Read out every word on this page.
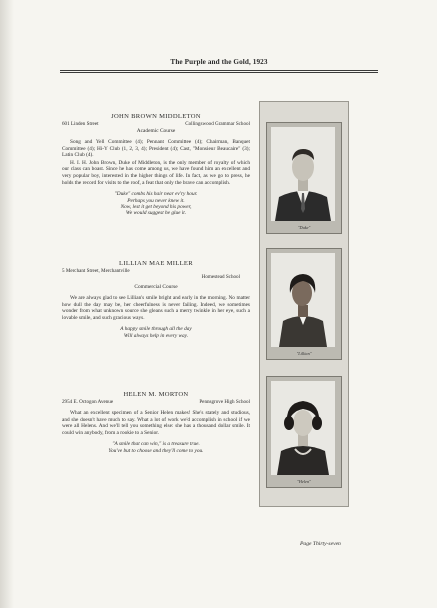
The Purple and the Gold, 1923
JOHN BROWN MIDDLETON
601 Linden Street	Collingswood Grammar School
Academic Course
Song and Yell Committee (4); Pennant Committee (4); Chairman, Banquet Committee (4); Hi-Y Club (1, 2, 3, 4); President (4); Cast, "Monsieur Beaucaire" (3); Latin Club (4).
H. I. H. John Brown, Duke of Middleton, is the only member of royalty of which our class can boast. Since he has come among us, we have found him an excellent and very popular boy, interested in the higher things of life. In fact, as we go to press, he holds the record for visits to the roof, a feat that only the brave can accomplish.
"Duke" combs his hair near ev'ry hour.
Perhaps you never knew it.
Now, lest it get beyond his power,
We would suggest he glue it.
LILLIAN MAE MILLER
5 Merchant Street, Merchantville
Homestead School
Commercial Course
We are always glad to see Lillian's smile bright and early in the morning. No matter how dull the day may be, her cheerfulness is never failing. Indeed, we sometimes wonder from what unknown source she gleans such a merry twinkle in her eye, such a lovable smile, and such gracious ways.
A happy smile through all the day
Will always help in every way.
HELEN M. MORTON
2954 E. Octogon Avenue	Pennsgrove High School
What an excellent specimen of a Senior Helen makes! She's stately and studious, and she doesn't have much to say. What a lot of work we'd accomplish in school if we were all Helens. And we'll tell you something else: she has a thousand dollar smile. It could win anybody, from a rookie to a Senior.
"A smile that can win," is a treasure true.
You've but to choose and they'll come to you.
"Duke"
"Lillian"
"Helen"
Page Thirty-seven
